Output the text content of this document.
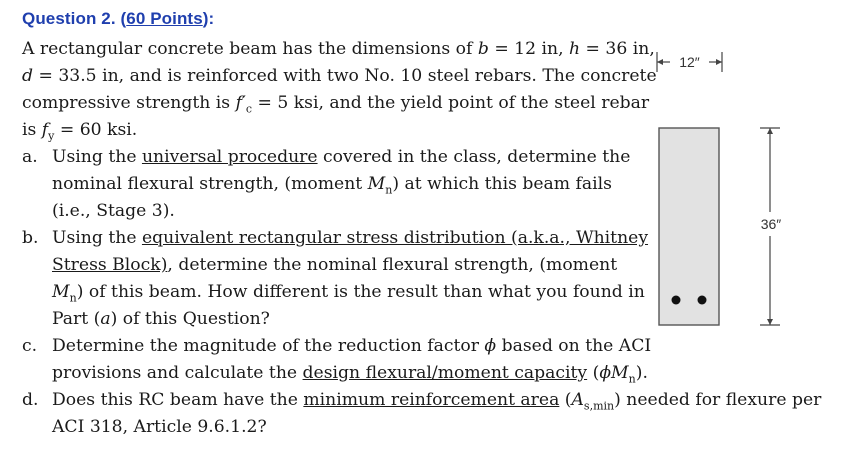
Question 2. (60 Points):
A rectangular concrete beam has the dimensions of b = 12 in, h = 36 in,
d = 33.5 in, and is reinforced with two No. 10 steel rebars. The concrete
compressive strength is $f'_c = 5$ ksi, and the yield point of the steel rebar
is $f_y = 60$ ksi.
a. Using the universal procedure covered in the class, determine the
nominal flexural strength, (moment $M_n$) at which this beam fails
(i.e., Stage 3).
b. Using the equivalent rectangular stress distribution (a.k.a., Whitney
Stress Block), determine the nominal flexural strength, (moment
$M_n$) of this beam. How different is the result than what you found in
Part (a) of this Question?
c. Determine the magnitude of the reduction factor ϕ based on the ACI
provisions and calculate the design flexural/moment capacity $(\phi M_n)$.
d. Does this RC beam have the minimum reinforcement area $(A_{s,min})$ needed for flexure per
ACI 318, Article 9.6.1.2?
12″
36″
